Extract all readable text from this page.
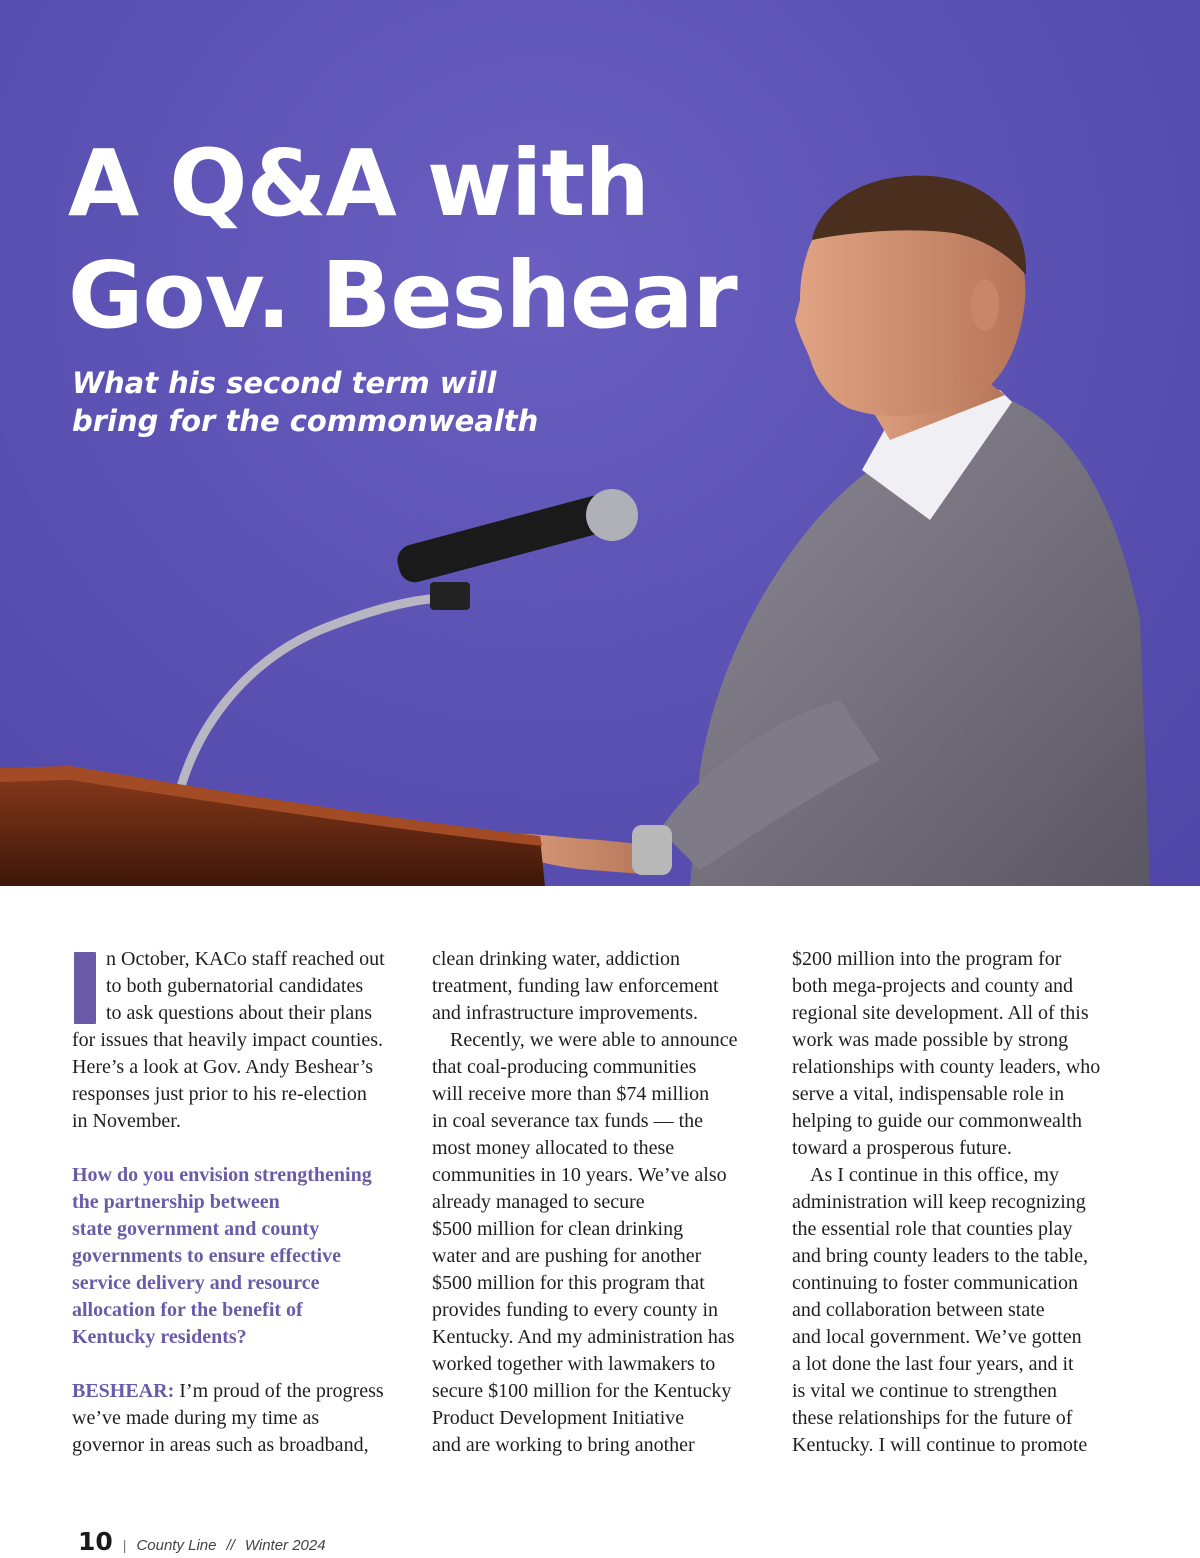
A Q&A with
Gov. Beshear
What his second term will
bring for the commonwealth
n October, KACo staff reached out
to both gubernatorial candidates
to ask questions about their plans
for issues that heavily impact counties.
Here’s a look at Gov. Andy Beshear’s
responses just prior to his re-election
in November.
How do you envision strengthening
the partnership between
state government and county
governments to ensure effective
service delivery and resource
allocation for the benefit of
Kentucky residents?
BESHEAR: I’m proud of the progress
we’ve made during my time as
governor in areas such as broadband,
clean drinking water, addiction
treatment, funding law enforcement
and infrastructure improvements.
Recently, we were able to announce
that coal-producing communities
will receive more than $74 million
in coal severance tax funds — the
most money allocated to these
communities in 10 years. We’ve also
already managed to secure
$500 million for clean drinking
water and are pushing for another
$500 million for this program that
provides funding to every county in
Kentucky. And my administration has
worked together with lawmakers to
secure $100 million for the Kentucky
Product Development Initiative
and are working to bring another
$200 million into the program for
both mega-projects and county and
regional site development. All of this
work was made possible by strong
relationships with county leaders, who
serve a vital, indispensable role in
helping to guide our commonwealth
toward a prosperous future.
As I continue in this office, my
administration will keep recognizing
the essential role that counties play
and bring county leaders to the table,
continuing to foster communication
and collaboration between state
and local government. We’ve gotten
a lot done the last four years, and it
is vital we continue to strengthen
these relationships for the future of
Kentucky. I will continue to promote
10 | County Line // Winter 2024
